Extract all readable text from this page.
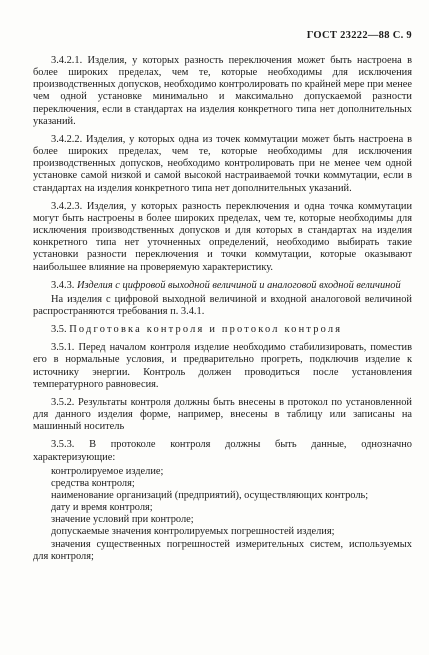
ГОСТ 23222—88 С. 9

3.4.2.1. Изделия, у которых разность переключения может быть настроена в более широких пределах, чем те, которые необходимы для исключения производственных допусков, необходимо контролировать по крайней мере при менее чем одной установке минимально и максимально допускаемой разности переключения, если в стандартах на изделия конкретного типа нет дополнительных указаний.

3.4.2.2. Изделия, у которых одна из точек коммутации может быть настроена в более широких пределах, чем те, которые необходимы для исключения производственных допусков, необходимо контролировать при не менее чем одной установке самой низкой и самой высокой настраиваемой точки коммутации, если в стандартах на изделия конкретного типа нет дополнительных указаний.

3.4.2.3. Изделия, у которых разность переключения и одна точка коммутации могут быть настроены в более широких пределах, чем те, которые необходимы для исключения производственных допусков и для которых в стандартах на изделия конкретного типа нет уточненных определений, необходимо выбирать такие установки разности переключения и точки коммутации, которые оказывают наибольшее влияние на проверяемую характеристику.

3.4.3. Изделия с цифровой выходной величиной и аналоговой входной величиной

На изделия с цифровой выходной величиной и входной аналоговой величиной распространяются требования п. 3.4.1.

3.5. Подготовка контроля и протокол контроля

3.5.1. Перед началом контроля изделие необходимо стабилизировать, поместив его в нормальные условия, и предварительно прогреть, подключив изделие к источнику энергии. Контроль должен проводиться после установления температурного равновесия.

3.5.2. Результаты контроля должны быть внесены в протокол по установленной для данного изделия форме, например, внесены в таблицу или записаны на машинный носитель

3.5.3. В протоколе контроля должны быть данные, однозначно характеризующие:

контролируемое изделие;

средства контроля;

наименование организаций (предприятий), осуществляющих контроль;

дату и время контроля;

значение условий при контроле;

допускаемые значения контролируемых погрешностей изделия;

значения существенных погрешностей измерительных систем, используемых для контроля;
